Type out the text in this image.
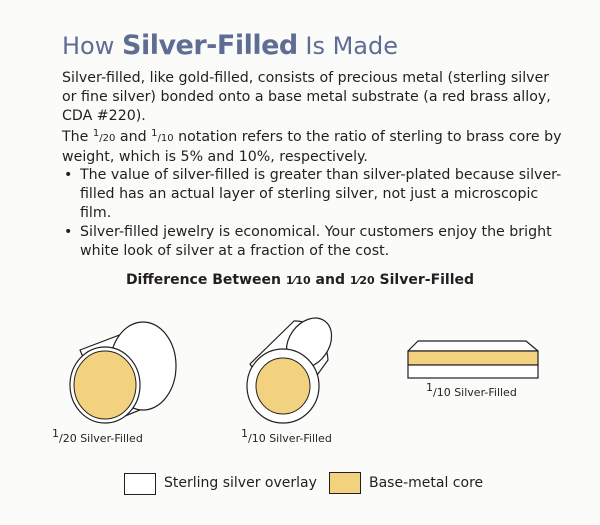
How Silver-Filled Is Made
Silver-filled, like gold-filled, consists of precious metal (sterling silver or fine silver) bonded onto a base metal substrate (a red brass alloy, CDA #220).
The 1/20 and 1/10 notation refers to the ratio of sterling to brass core by weight, which is 5% and 10%, respectively.
• The value of silver-filled is greater than silver-plated because silver-filled has an actual layer of sterling silver, not just a microscopic film.
• Silver-filled jewelry is economical. Your customers enjoy the bright white look of silver at a fraction of the cost.
Difference Between 1⁄10 and 1⁄20 Silver-Filled
1/20 Silver-Filled	1/10 Silver-Filled
1/10 Silver-Filled
Sterling silver overlay	Base-metal core
